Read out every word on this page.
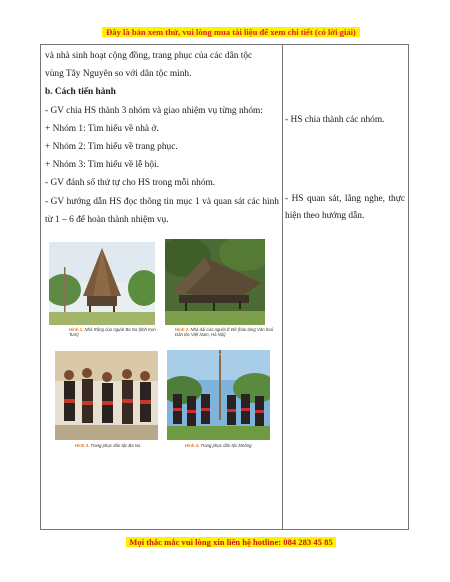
Đây là bản xem thử, vui lòng mua tài liệu để xem chi tiết (có lời giải)

và nhà sinh hoạt cộng đồng, trang phục của các dân tộc

vùng Tây Nguyên so với dân tộc mình.

b. Cách tiến hành

- GV chia HS thành 3 nhóm và giao nhiệm vụ từng nhóm:

+ Nhóm 1: Tìm hiểu về nhà ở.

+ Nhóm 2: Tìm hiểu về trang phục.

+ Nhóm 3: Tìm hiểu về lễ hội.

- GV đánh số thứ tự cho HS trong mỗi nhóm.

- GV hướng dẫn HS đọc thông tin mục 1 và quan sát các hình từ 1 – 6 để hoàn thành nhiệm vụ.

- HS chia thành các nhóm.
- HS quan sát, lắng nghe, thực hiện theo hướng dẫn.
Hình 1. Nhà Rông của người Ba Na (tỉnh Kon Tum)
Hình 2. Nhà dài của người Ê Đê (bảo tàng Văn hoá Dân tộc Việt Nam, Hà Nội)
Hình 3. Trang phục dân tộc Ba Na	Hình 4. Trang phục dân tộc Mnông
Mọi thắc mắc vui lòng xin liên hệ hotline: 084 283 45 85
